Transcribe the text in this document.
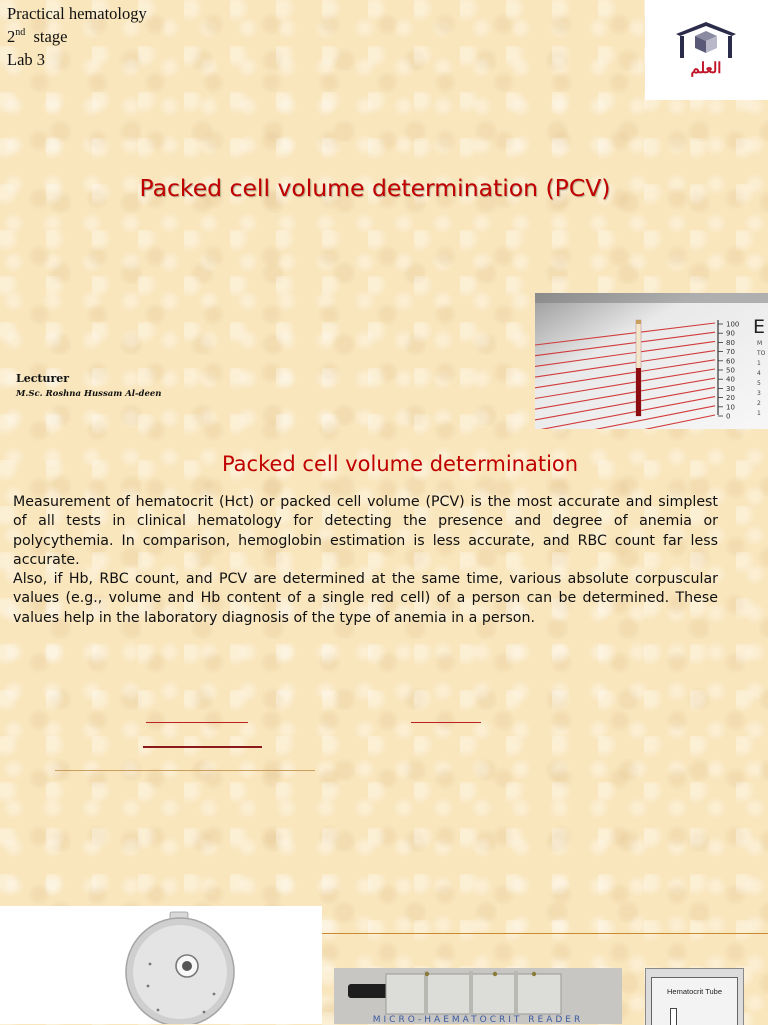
Practical hematology
2nd stage
Lab 3	العلم
Packed cell volume determination (PCV)
100
90
80
70
60
50
40
30
20
10
0
E
M
TO
1
4
5
3
2
1
Lecturer
M.Sc. Roshna Hussam Al-deen
Packed cell volume determination

Measurement of hematocrit (Hct) or packed cell volume (PCV) is the most accurate and simplest of all tests in clinical hematology for detecting the presence and degree of anemia or polycythemia. In comparison, hemoglobin estimation is less accurate, and RBC count far less accurate.

Also, if Hb, RBC count, and PCV are determined at the same time, various absolute corpuscular values (e.g., volume and Hb content of a single red cell) of a person can be determined. These values help in the laboratory diagnosis of the type of anemia in a person.

MICRO-HAEMATOCRIT READER
Hematocrit Tube
